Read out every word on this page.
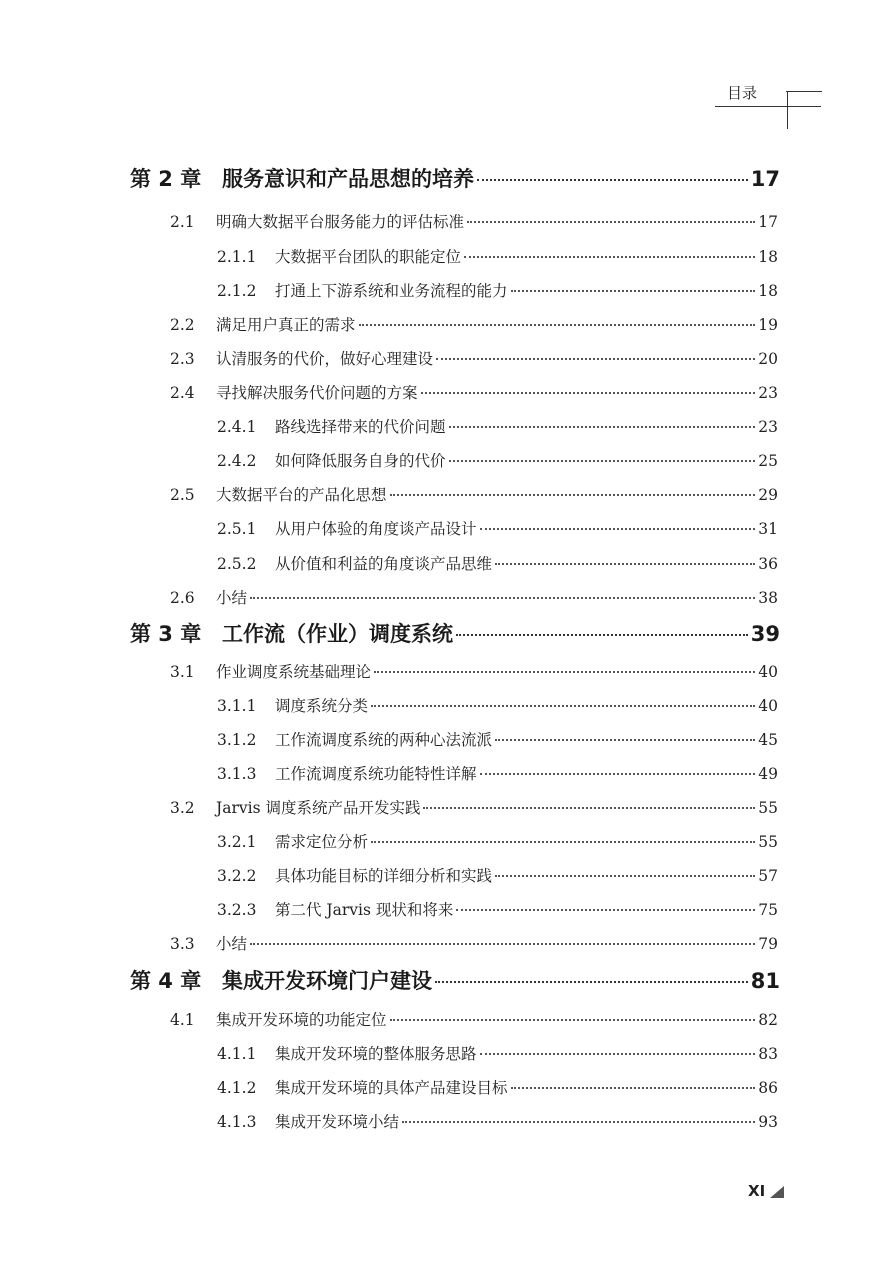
目录
第 2 章 服务意识和产品思想的培养	17
2.1	明确大数据平台服务能力的评估标准	17
2.1.1	大数据平台团队的职能定位	18
2.1.2	打通上下游系统和业务流程的能力	18
2.2	满足用户真正的需求	19
2.3	认清服务的代价，做好心理建设	20
2.4	寻找解决服务代价问题的方案	23
2.4.1	路线选择带来的代价问题	23
2.4.2	如何降低服务自身的代价	25
2.5	大数据平台的产品化思想	29
2.5.1	从用户体验的角度谈产品设计	31
2.5.2	从价值和利益的角度谈产品思维	36
2.6	小结	38
第 3 章 工作流（作业）调度系统	39
3.1	作业调度系统基础理论	40
3.1.1	调度系统分类	40
3.1.2	工作流调度系统的两种心法流派	45
3.1.3	工作流调度系统功能特性详解	49
3.2	Jarvis 调度系统产品开发实践	55
3.2.1	需求定位分析	55
3.2.2	具体功能目标的详细分析和实践	57
3.2.3	第二代 Jarvis 现状和将来	75
3.3	小结	79
第 4 章 集成开发环境门户建设	81
4.1	集成开发环境的功能定位	82
4.1.1	集成开发环境的整体服务思路	83
4.1.2	集成开发环境的具体产品建设目标	86
4.1.3	集成开发环境小结	93
XI
